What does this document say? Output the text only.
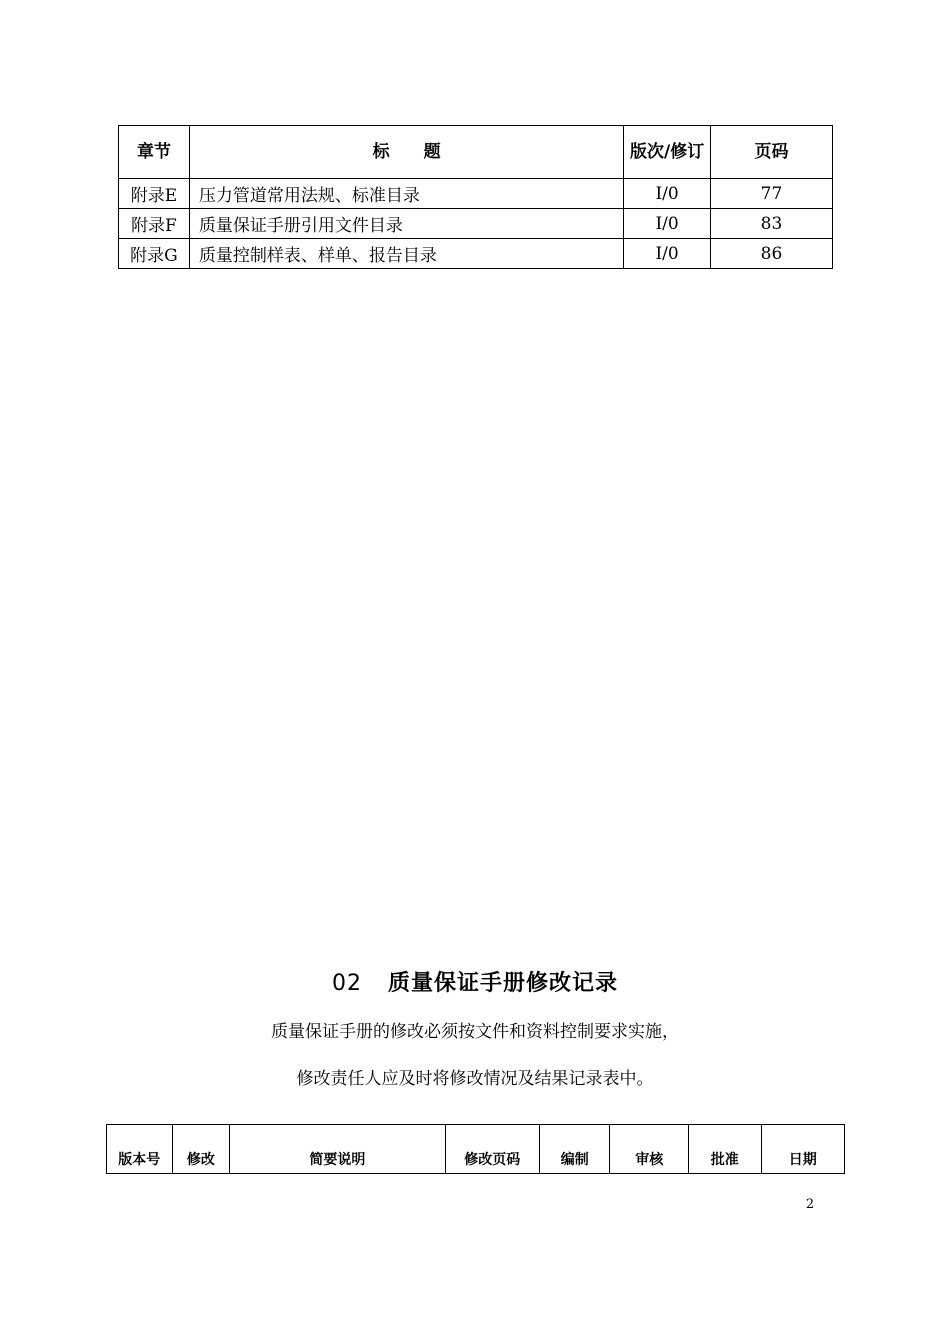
章节	标　　题	版次/修订	页码
附录E	压力管道常用法规、标准目录	Ⅰ/0	77
附录F	质量保证手册引用文件目录	Ⅰ/0	83
附录G	质量控制样表、样单、报告目录	Ⅰ/0	86
02 质量保证手册修改记录
质量保证手册的修改必须按文件和资料控制要求实施，
修改责任人应及时将修改情况及结果记录表中。
版本号	修改	简要说明	修改页码	编制	审核	批准	日期
2
